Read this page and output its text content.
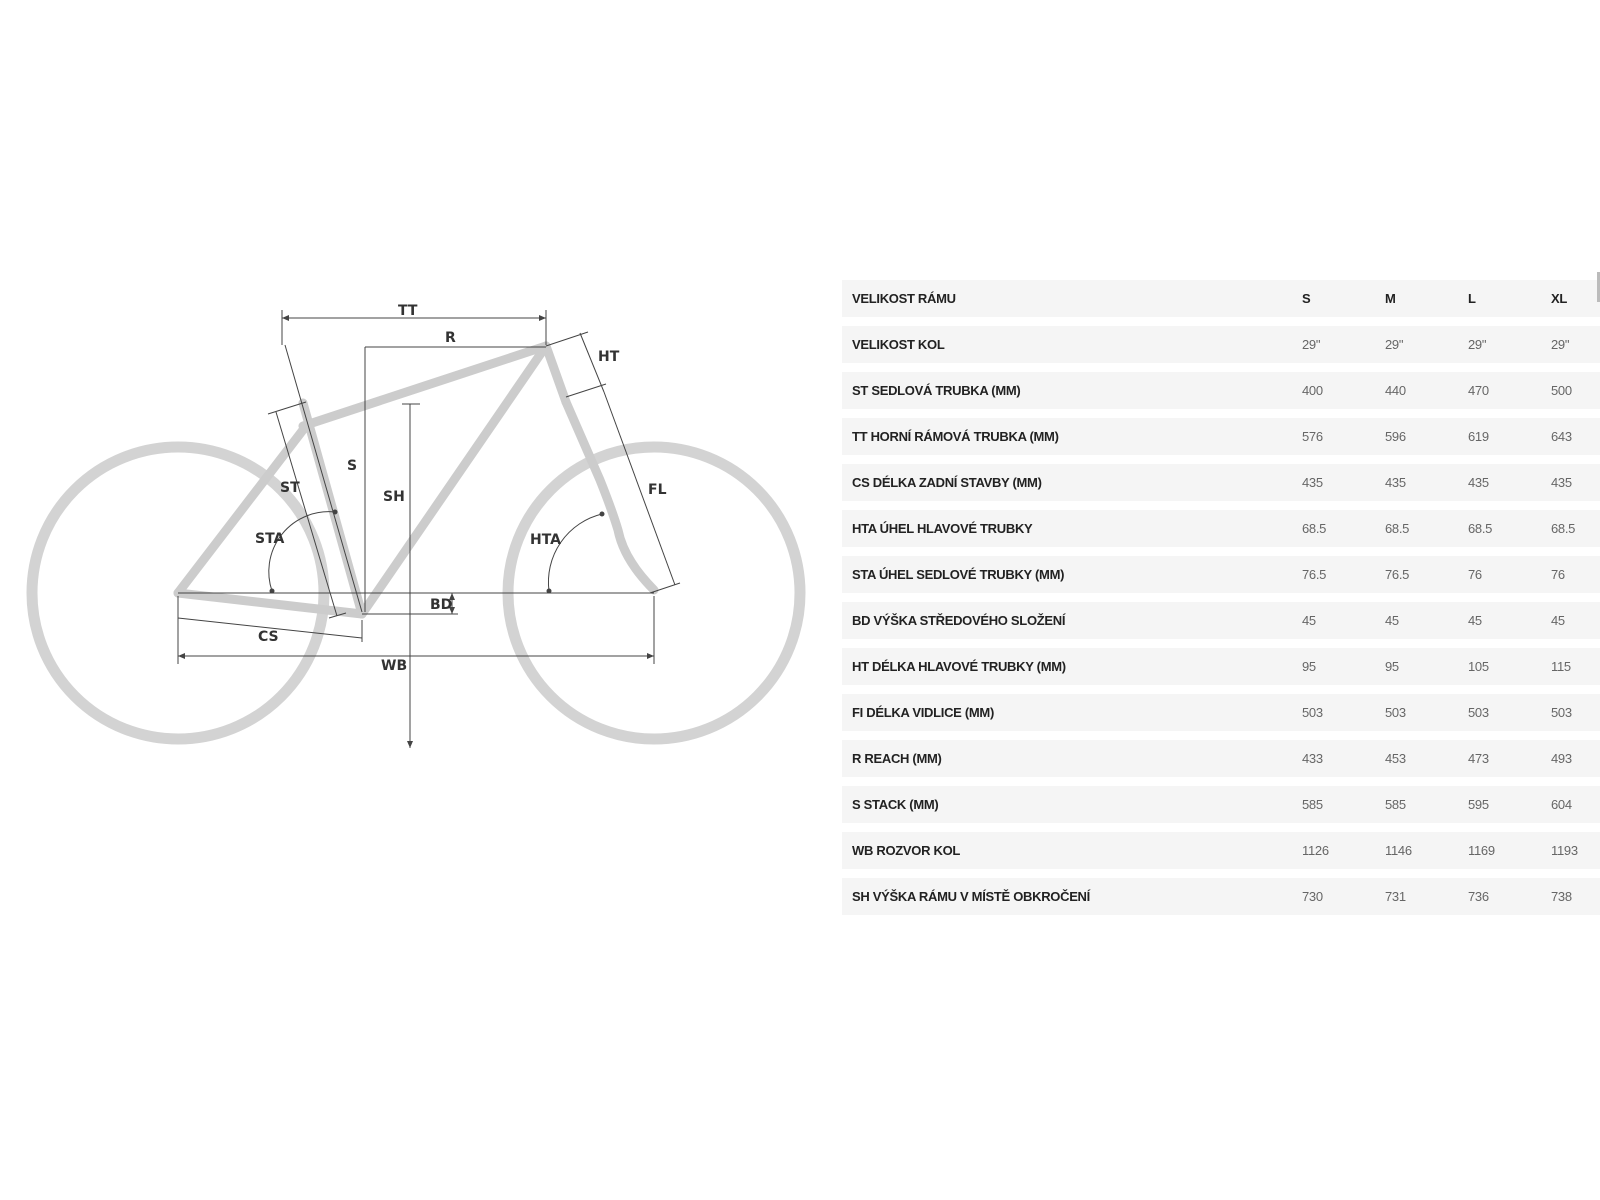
TT
R
HT
S
ST
SH	FL
STA	HTA
BD
CS
WB
VELIKOST RÁMU	S	M	L	XL
VELIKOST KOL	29"	29"	29"	29"
ST SEDLOVÁ TRUBKA (MM)	400	440	470	500
TT HORNÍ RÁMOVÁ TRUBKA (MM)	576	596	619	643
CS DÉLKA ZADNÍ STAVBY (MM)	435	435	435	435
HTA ÚHEL HLAVOVÉ TRUBKY	68.5	68.5	68.5	68.5
STA ÚHEL SEDLOVÉ TRUBKY (MM)	76.5	76.5	76	76
BD VÝŠKA STŘEDOVÉHO SLOŽENÍ	45	45	45	45
HT DÉLKA HLAVOVÉ TRUBKY (MM)	95	95	105	115
FI DÉLKA VIDLICE (MM)	503	503	503	503
R REACH (MM)	433	453	473	493
S STACK (MM)	585	585	595	604
WB ROZVOR KOL	1126	1146	1169	1193
SH VÝŠKA RÁMU V MÍSTĚ OBKROČENÍ	730	731	736	738
